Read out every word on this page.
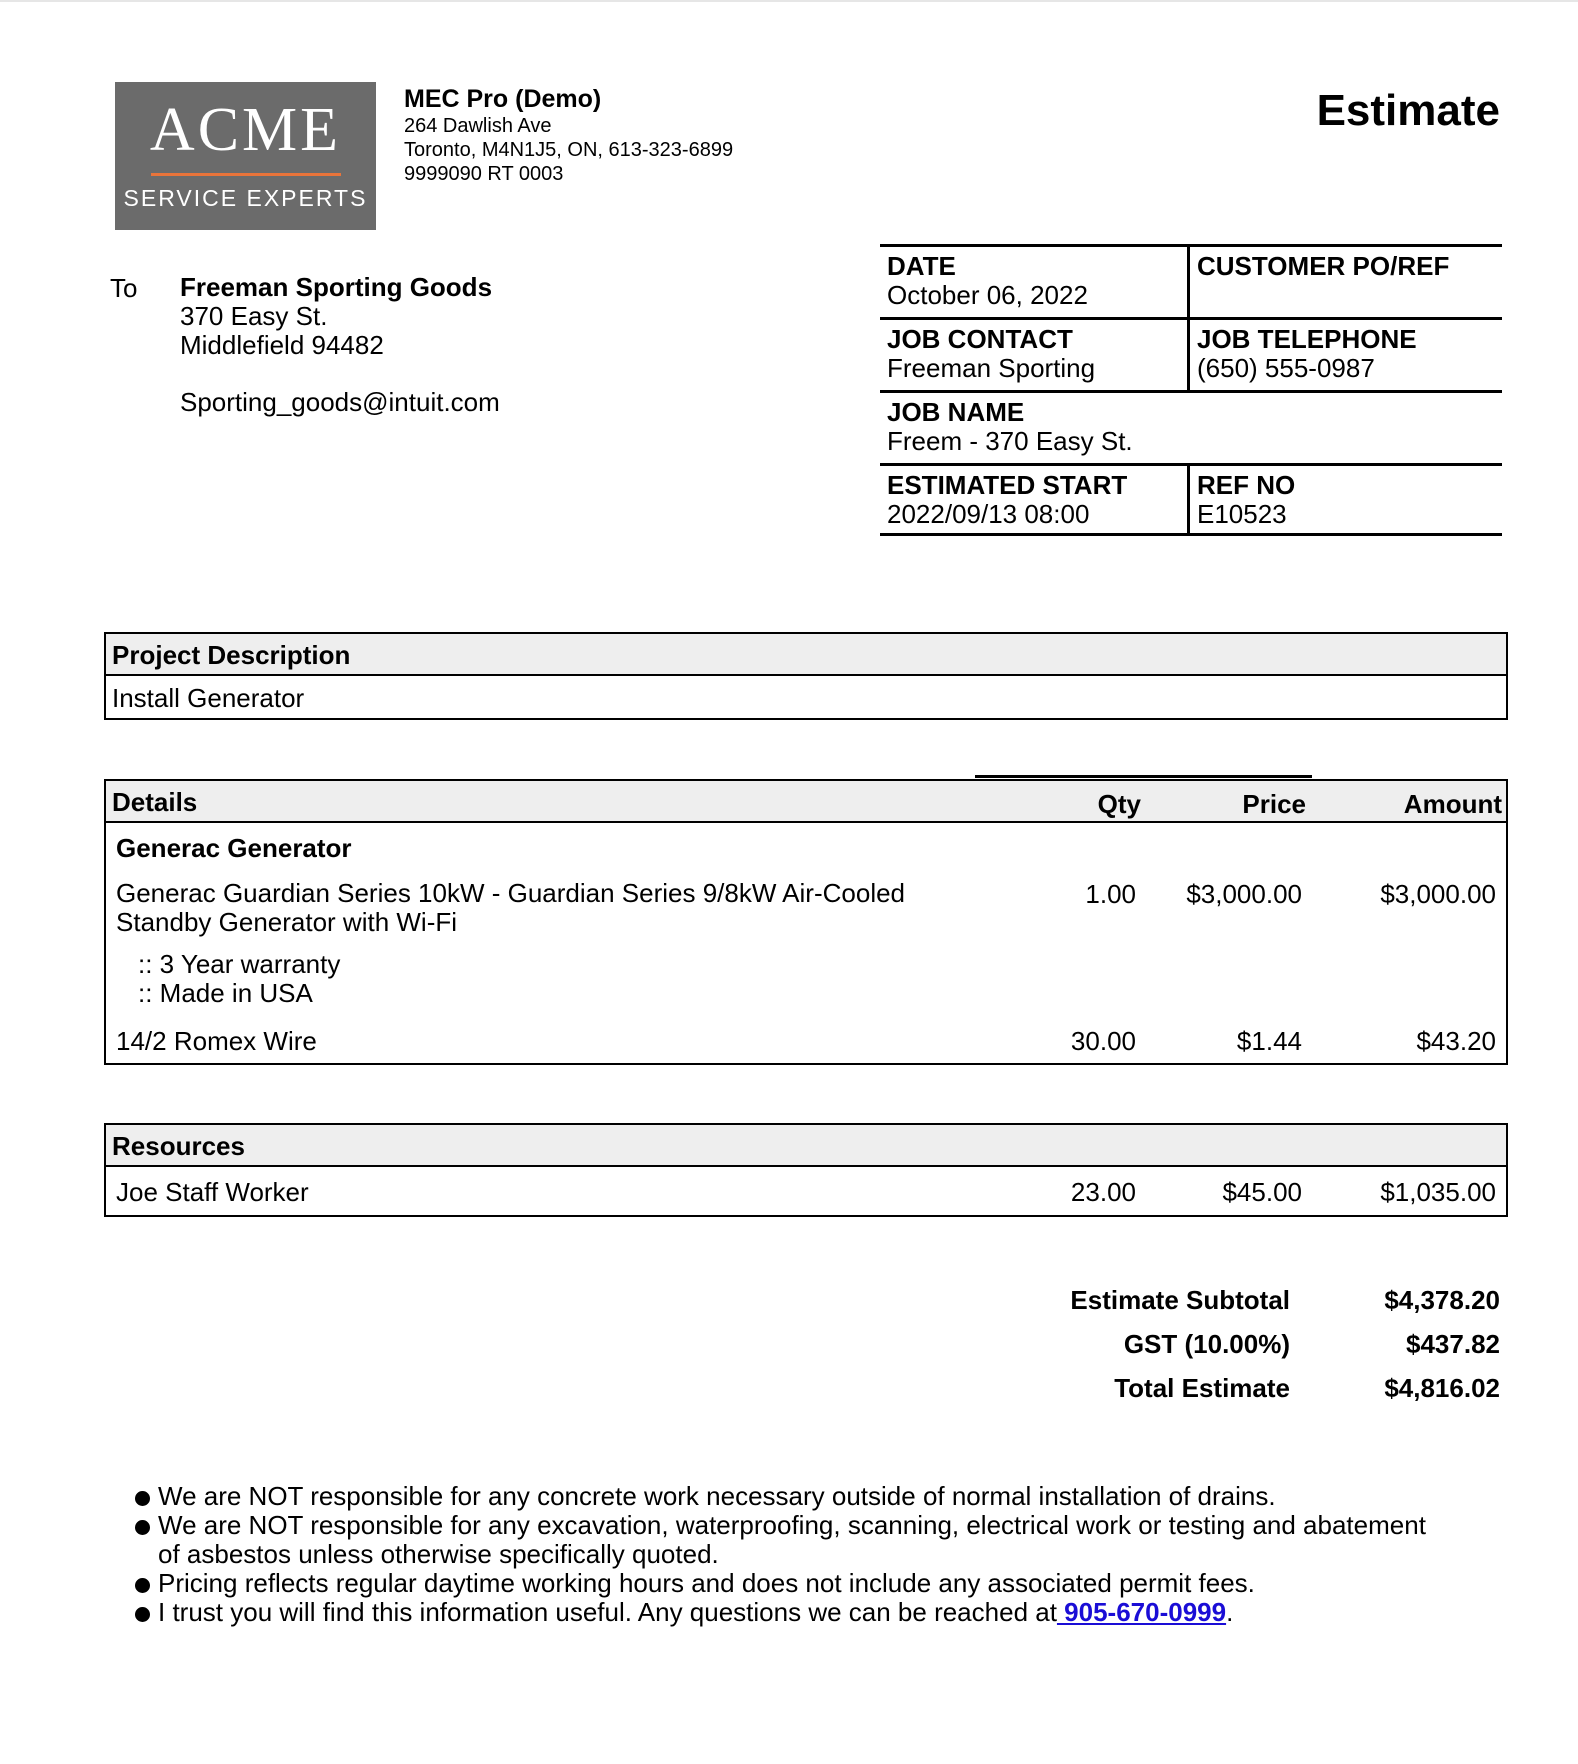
ACME
SERVICE EXPERTS
MEC Pro (Demo)
264 Dawlish Ave
Toronto, M4N1J5, ON, 613-323-6899
9999090 RT 0003
Estimate
To Freeman Sporting Goods
370 Easy St.
Middlefield 94482
Sporting_goods@intuit.com
DATE
October 06, 2022
CUSTOMER PO/REF
JOB CONTACT
Freeman Sporting
JOB TELEPHONE
(650) 555-0987
JOB NAME
Freem - 370 Easy St.
ESTIMATED START
2022/09/13 08:00
REF NO
E10523
Project Description
Install Generator
Details	Qty	Price	Amount
Generac Generator
Generac Guardian Series 10kW - Guardian Series 9/8kW Air-Cooled
Standby Generator with Wi-Fi
1.00 $3,000.00	$3,000.00
:: 3 Year warranty
:: Made in USA
14/2 Romex Wire	30.00	$1.44	$43.20
Resources
Joe Staff Worker	23.00	$45.00	$1,035.00
Estimate Subtotal	$4,378.20
GST (10.00%)	$437.82
Total Estimate	$4,816.02
We are NOT responsible for any concrete work necessary outside of normal installation of drains.
We are NOT responsible for any excavation, waterproofing, scanning, electrical work or testing and abatement
of asbestos unless otherwise specifically quoted.
Pricing reflects regular daytime working hours and does not include any associated permit fees.
I trust you will find this information useful. Any questions we can be reached at 905-670-0999.
